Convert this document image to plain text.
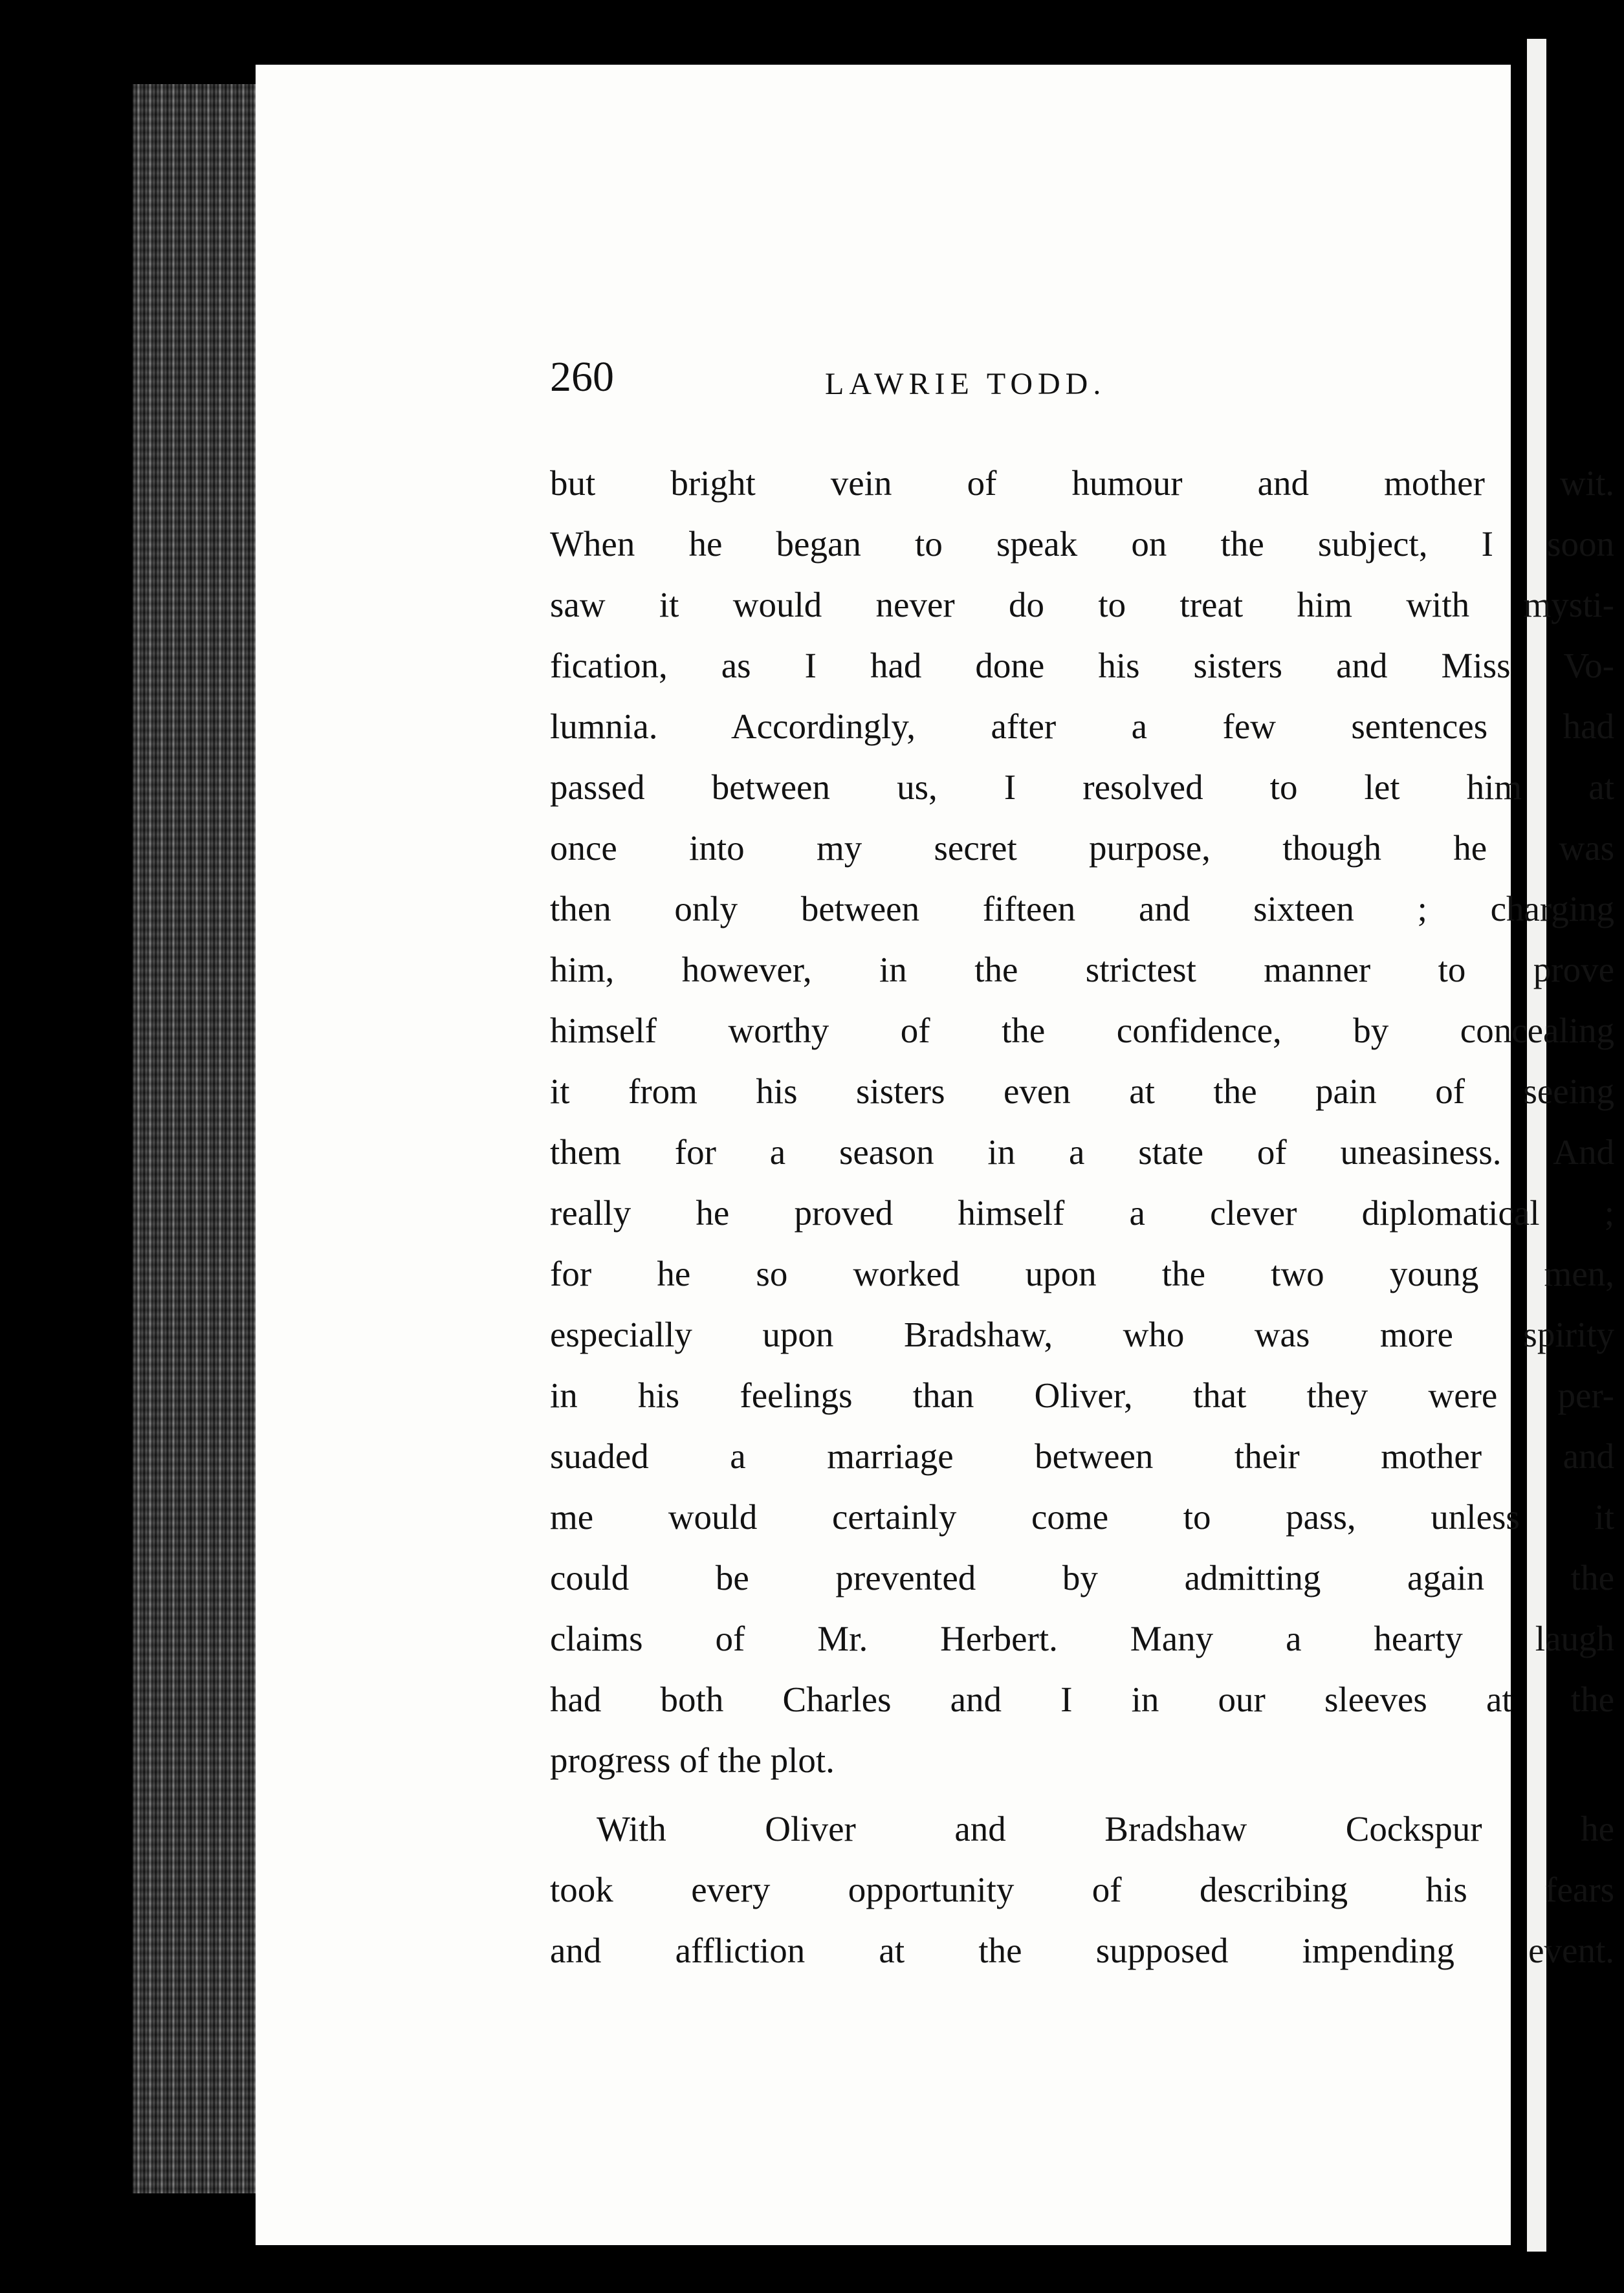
260	LAWRIE TODD.
but bright vein of humour and mother wit.
When he began to speak on the subject, I soon
saw it would never do to treat him with mysti-
fication, as I had done his sisters and Miss Vo-
lumnia. Accordingly, after a few sentences had
passed between us, I resolved to let him at
once into my secret purpose, though he was
then only between fifteen and sixteen ; charging
him, however, in the strictest manner to prove
himself worthy of the confidence, by concealing
it from his sisters even at the pain of seeing
them for a season in a state of uneasiness. And
really he proved himself a clever diplomatical ;
for he so worked upon the two young men,
especially upon Bradshaw, who was more spirity
in his feelings than Oliver, that they were per-
suaded a marriage between their mother and
me would certainly come to pass, unless it
could be prevented by admitting again the
claims of Mr. Herbert. Many a hearty laugh
had both Charles and I in our sleeves at the
progress of the plot.
With Oliver and Bradshaw Cockspur he
took every opportunity of describing his fears
and affliction at the supposed impending event.
